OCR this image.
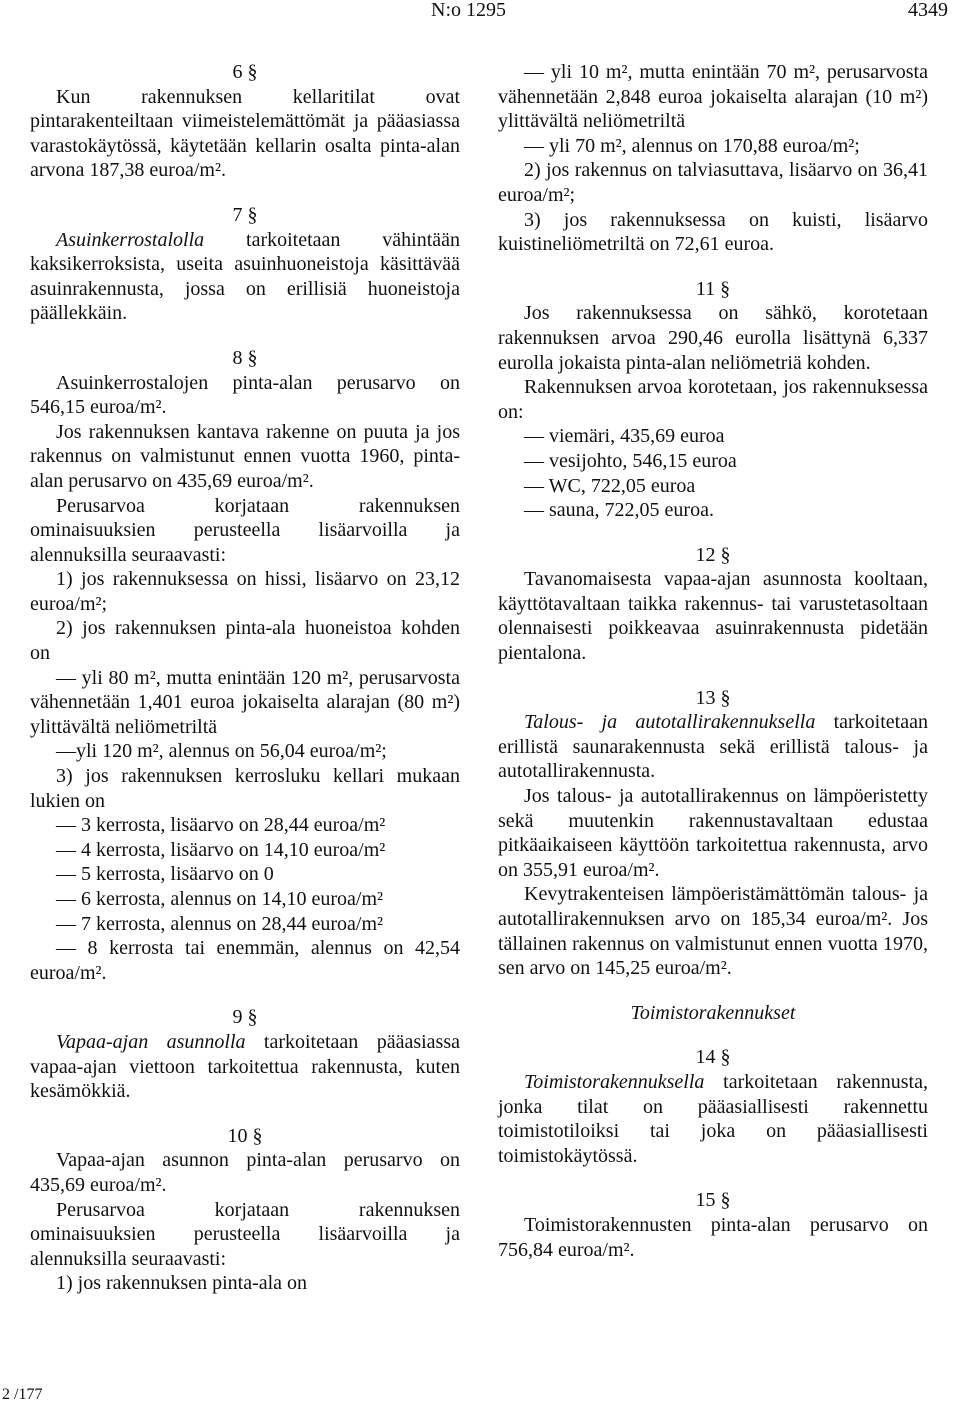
N:o 1295	4349
6 §

Kun rakennuksen kellaritilat ovat pintarakenteiltaan viimeistelemättömät ja pääasiassa varastokäytössä, käytetään kellarin osalta pinta-alan arvona 187,38 euroa/m².

7 §

Asuinkerrostalolla tarkoitetaan vähintään kaksikerroksista, useita asuinhuoneistoja käsittävää asuinrakennusta, jossa on erillisiä huoneistoja päällekkäin.

8 §

Asuinkerrostalojen pinta-alan perusarvo on 546,15 euroa/m².

Jos rakennuksen kantava rakenne on puuta ja jos rakennus on valmistunut ennen vuotta 1960, pinta-alan perusarvo on 435,69 euroa/m².

Perusarvoa korjataan rakennuksen ominaisuuksien perusteella lisäarvoilla ja alennuksilla seuraavasti:

1) jos rakennuksessa on hissi, lisäarvo on 23,12 euroa/m²;

2) jos rakennuksen pinta-ala huoneistoa kohden on

— yli 80 m², mutta enintään 120 m², perusarvosta vähennetään 1,401 euroa jokaiselta alarajan (80 m²) ylittävältä neliömetriltä

—yli 120 m², alennus on 56,04 euroa/m²;

3) jos rakennuksen kerrosluku kellari mukaan lukien on

— 3 kerrosta, lisäarvo on 28,44 euroa/m²

— 4 kerrosta, lisäarvo on 14,10 euroa/m²

— 5 kerrosta, lisäarvo on 0

— 6 kerrosta, alennus on 14,10 euroa/m²

— 7 kerrosta, alennus on 28,44 euroa/m²

— 8 kerrosta tai enemmän, alennus on 42,54 euroa/m².

9 §

Vapaa-ajan asunnolla tarkoitetaan pääasiassa vapaa-ajan viettoon tarkoitettua rakennusta, kuten kesämökkiä.

10 §

Vapaa-ajan asunnon pinta-alan perusarvo on 435,69 euroa/m².

Perusarvoa korjataan rakennuksen ominaisuuksien perusteella lisäarvoilla ja alennuksilla seuraavasti:

1) jos rakennuksen pinta-ala on

— yli 10 m², mutta enintään 70 m², perusarvosta vähennetään 2,848 euroa jokaiselta alarajan (10 m²) ylittävältä neliömetriltä

— yli 70 m², alennus on 170,88 euroa/m²;

2) jos rakennus on talviasuttava, lisäarvo on 36,41 euroa/m²;

3) jos rakennuksessa on kuisti, lisäarvo kuistineliömetriltä on 72,61 euroa.

11 §

Jos rakennuksessa on sähkö, korotetaan rakennuksen arvoa 290,46 eurolla lisättynä 6,337 eurolla jokaista pinta-alan neliömetriä kohden.

Rakennuksen arvoa korotetaan, jos rakennuksessa on:

— viemäri, 435,69 euroa

— vesijohto, 546,15 euroa

— WC, 722,05 euroa

— sauna, 722,05 euroa.

12 §

Tavanomaisesta vapaa-ajan asunnosta kooltaan, käyttötavaltaan taikka rakennus- tai varustetasoltaan olennaisesti poikkeavaa asuinrakennusta pidetään pientalona.

13 §

Talous- ja autotallirakennuksella tarkoitetaan erillistä saunarakennusta sekä erillistä talous- ja autotallirakennusta.

Jos talous- ja autotallirakennus on lämpöeristetty sekä muutenkin rakennustavaltaan edustaa pitkäaikaiseen käyttöön tarkoitettua rakennusta, arvo on 355,91 euroa/m².

Kevytrakenteisen lämpöeristämättömän talous- ja autotallirakennuksen arvo on 185,34 euroa/m². Jos tällainen rakennus on valmistunut ennen vuotta 1970, sen arvo on 145,25 euroa/m².

Toimistorakennukset
14 §

Toimistorakennuksella tarkoitetaan rakennusta, jonka tilat on pääasiallisesti rakennettu toimistotiloiksi tai joka on pääasiallisesti toimistokäytössä.

15 §

Toimistorakennusten pinta-alan perusarvo on 756,84 euroa/m².

2 /177
